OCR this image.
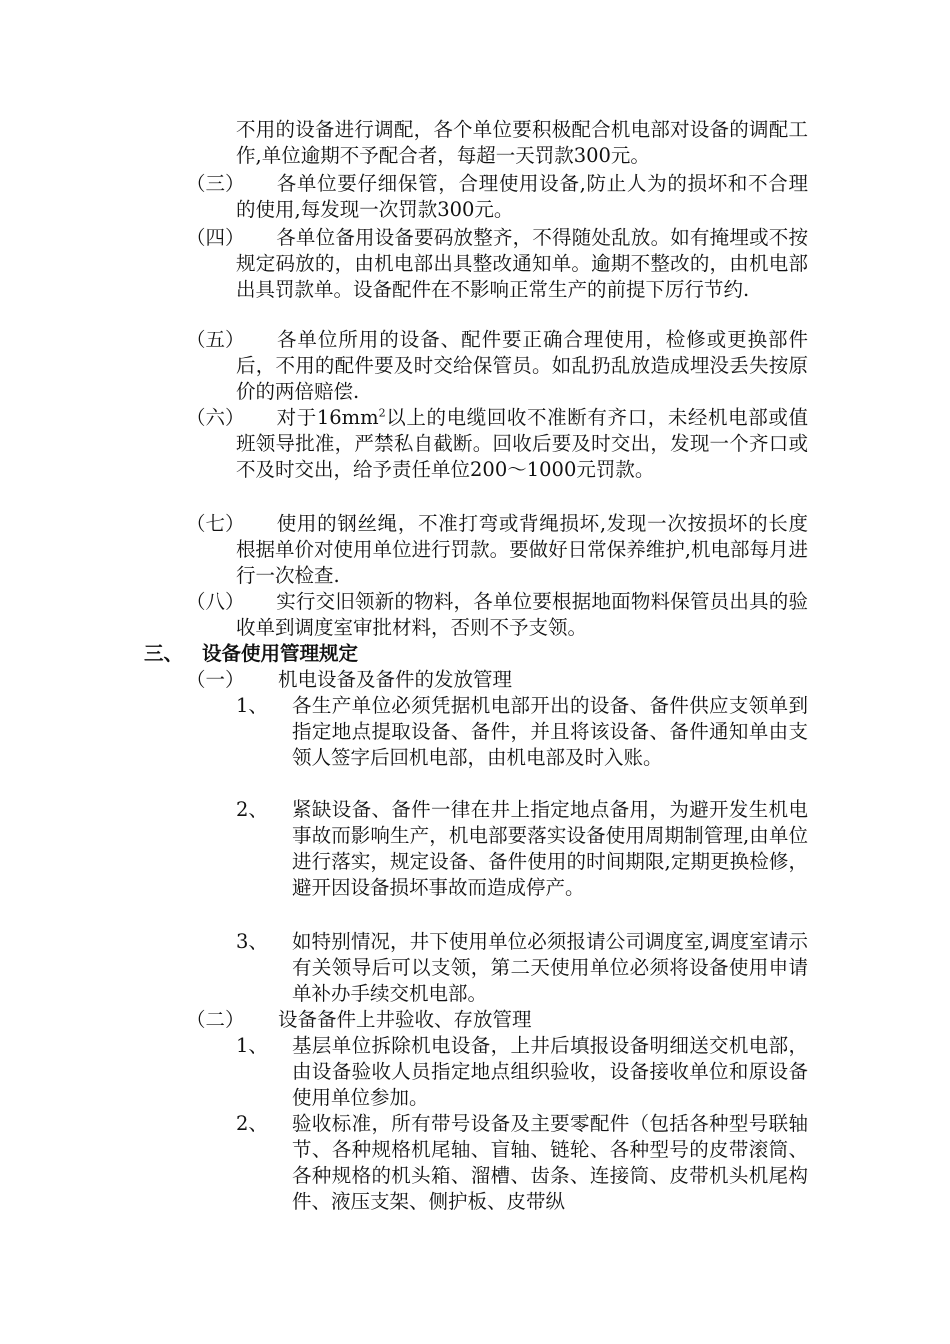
不用的设备进行调配，各个单位要积极配合机电部对设备的调配工作,单位逾期不予配合者，每超一天罚款300元。
（三）	各单位要仔细保管，合理使用设备,防止人为的损坏和不合理的使用,每发现一次罚款300元。
（四）	各单位备用设备要码放整齐，不得随处乱放。如有掩埋或不按规定码放的，由机电部出具整改通知单。逾期不整改的，由机电部出具罚款单。设备配件在不影响正常生产的前提下厉行节约.
（五）	各单位所用的设备、配件要正确合理使用，检修或更换部件后，不用的配件要及时交给保管员。如乱扔乱放造成埋没丢失按原价的两倍赔偿.
（六）	对于$16mm^2$以上的电缆回收不准断有齐口，未经机电部或值班领导批准，严禁私自截断。回收后要及时交出，发现一个齐口或不及时交出，给予责任单位200～1000元罚款。
（七）	使用的钢丝绳，不准打弯或背绳损坏,发现一次按损坏的长度根据单价对使用单位进行罚款。要做好日常保养维护,机电部每月进行一次检查.
（八）	实行交旧领新的物料，各单位要根据地面物料保管员出具的验收单到调度室审批材料，否则不予支领。
三、 设备使用管理规定
（一） 机电设备及备件的发放管理
1、 各生产单位必须凭据机电部开出的设备、备件供应支领单到指定地点提取设备、备件，并且将该设备、备件通知单由支领人签字后回机电部，由机电部及时入账。
2、 紧缺设备、备件一律在井上指定地点备用，为避开发生机电事故而影响生产，机电部要落实设备使用周期制管理,由单位进行落实，规定设备、备件使用的时间期限,定期更换检修，避开因设备损坏事故而造成停产。
3、 如特别情况，井下使用单位必须报请公司调度室,调度室请示有关领导后可以支领，第二天使用单位必须将设备使用申请单补办手续交机电部。
（二） 设备备件上井验收、存放管理
1、 基层单位拆除机电设备，上井后填报设备明细送交机电部，由设备验收人员指定地点组织验收，设备接收单位和原设备使用单位参加。
2、 验收标准，所有带号设备及主要零配件（包括各种型号联轴节、各种规格机尾轴、盲轴、链轮、各种型号的皮带滚筒、各种规格的机头箱、溜槽、齿条、连接筒、皮带机头机尾构件、液压支架、侧护板、皮带纵
